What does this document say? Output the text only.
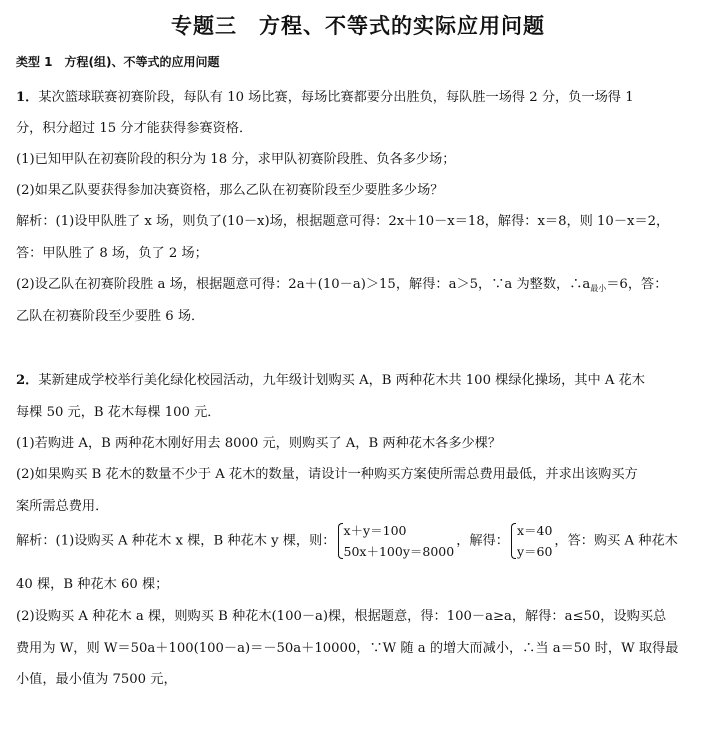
专题三　方程、不等式的实际应用问题
类型 1　方程(组)、不等式的应用问题
1．某次篮球联赛初赛阶段，每队有 10 场比赛，每场比赛都要分出胜负，每队胜一场得 2 分，负一场得 1
分，积分超过 15 分才能获得参赛资格．
(1)已知甲队在初赛阶段的积分为 18 分，求甲队初赛阶段胜、负各多少场；
(2)如果乙队要获得参加决赛资格，那么乙队在初赛阶段至少要胜多少场？
解析：(1)设甲队胜了 x 场，则负了(10－x)场，根据题意可得：2x＋10－x＝18，解得：x＝8，则 10－x＝2，
答：甲队胜了 8 场，负了 2 场；
(2)设乙队在初赛阶段胜 a 场，根据题意可得：2a＋(10－a)＞15，解得：a＞5，∵a 为整数，$\therefore a_{最小}=6$，答：
乙队在初赛阶段至少要胜 6 场．
2．某新建成学校举行美化绿化校园活动，九年级计划购买 A，B 两种花木共 100 棵绿化操场，其中 A 花木
每棵 50 元，B 花木每棵 100 元．
(1)若购进 A，B 两种花木刚好用去 8000 元，则购买了 A，B 两种花木各多少棵？
(2)如果购买 B 花木的数量不少于 A 花木的数量，请设计一种购买方案使所需总费用最低，并求出该购买方
案所需总费用．
解析：(1)设购买 A 种花木 x 棵，B 种花木 y 棵，则：
x＋y＝100
50x＋100y＝8000
，解得：
x＝40
y＝60
，答：购买 A 种花木
40 棵，B 种花木 60 棵；
(2)设购买 A 种花木 a 棵，则购买 B 种花木(100－a)棵，根据题意，得：100－a≥a，解得：a≤50，设购买总
费用为 W，则 W＝50a＋100(100－a)＝－50a＋10000，∵W 随 a 的增大而减小，∴当 a＝50 时，W 取得最
小值，最小值为 7500 元，
